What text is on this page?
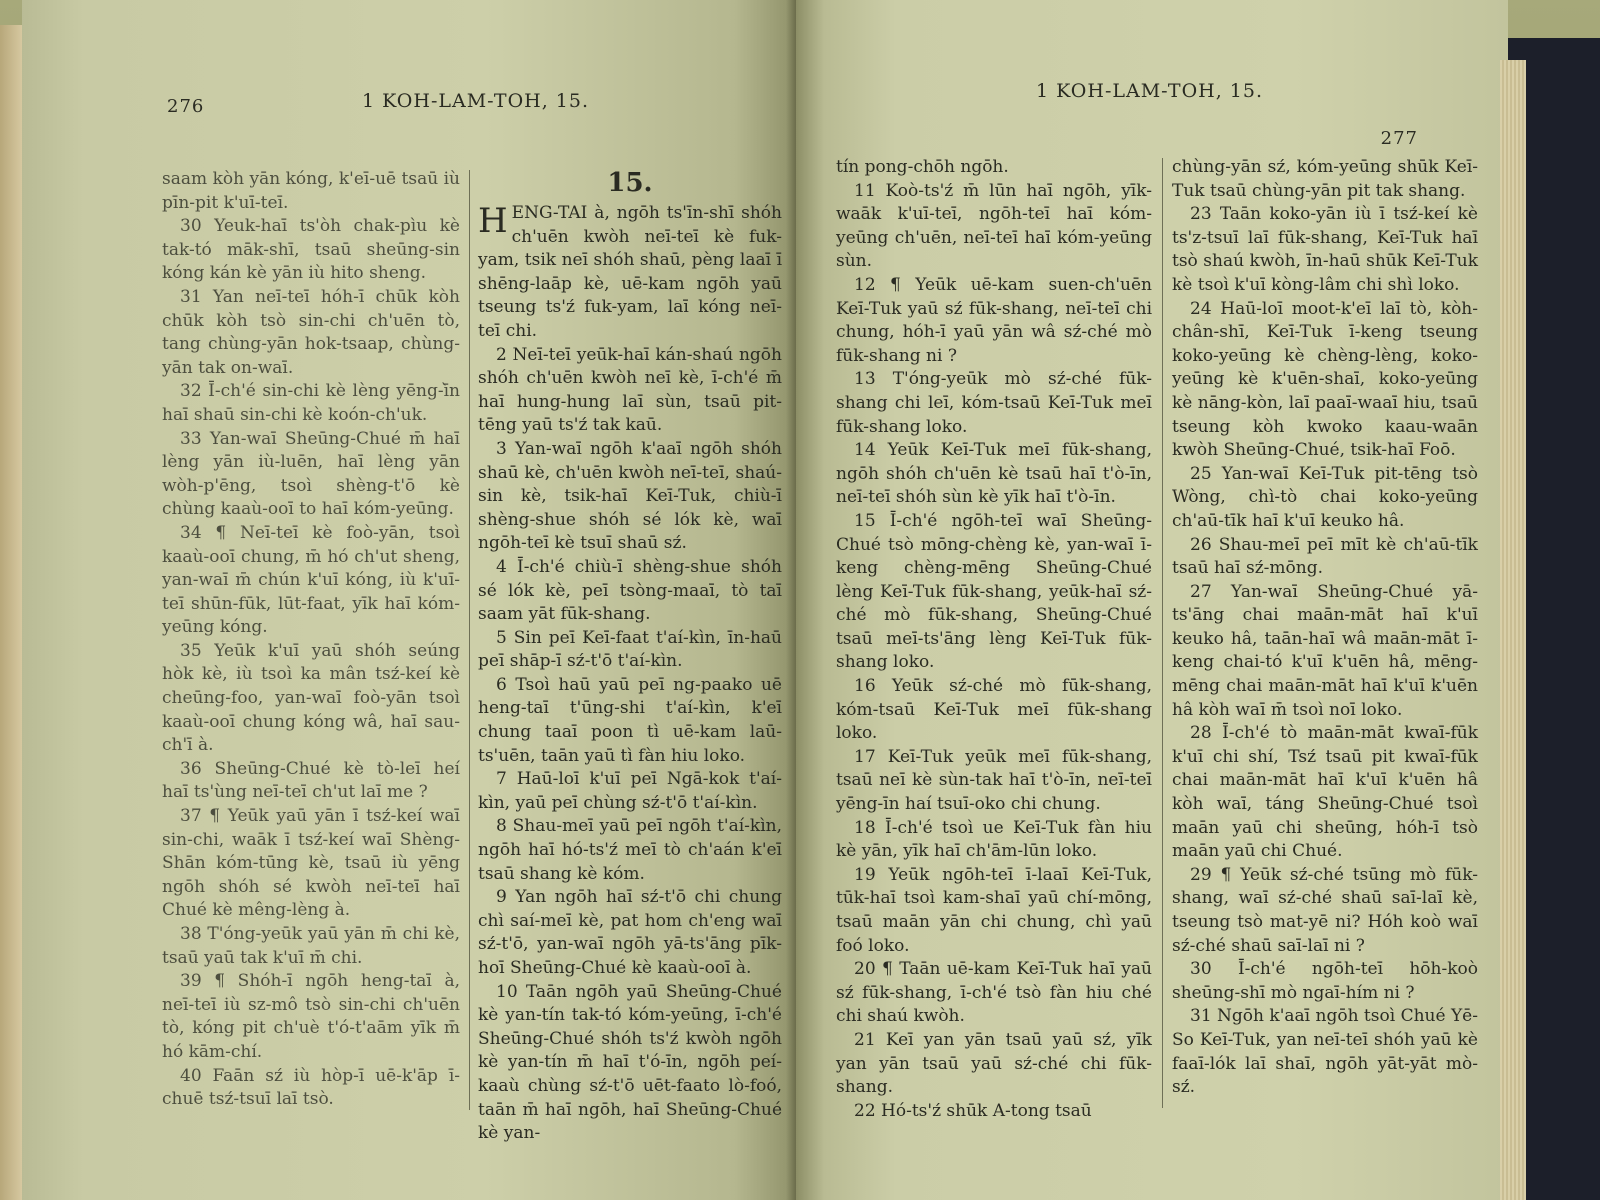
276	1 KOH-LAM-TOH, 15.

saam kòh yān kóng, k'eī-uē tsaū iù pīn-pit k'uī-teī.

30 Yeuk-haī ts'òh chak-pìu kè tak-tó māk-shī, tsaū sheūng-sin kóng kán kè yān iù hito sheng.

31 Yan neī-teī hóh-ī chūk kòh chūk kòh tsò sin-chi ch'uēn tò, tang chùng-yān hok-tsaap, chùng-yān tak on-waī.

32 Ī-ch'é sin-chi kè lèng yēng-ī̀n haī shaū sin-chi kè koón-ch'uk.

33 Yan-waī Sheūng-Chué m̄ haī lèng yān iù-luēn, haī lèng yān wòh-p'ēng, tsoì shèng-t'ō kè chùng kaaù-ooī to haī kóm-yeūng.

34 ¶ Neī-teī kè foò-yān, tsoì kaaù-ooī chung, m̄ hó ch'ut sheng, yan-waī m̄ chún k'uī kóng, iù k'uī-teī shūn-fūk, lūt-faat, yīk haī kóm-yeūng kóng.

35 Yeūk k'uī yaū shóh seúng hòk kè, iù tsoì ka mân tsź-keí kè cheūng-foo, yan-waī foò-yān tsoì kaaù-ooī chung kóng wâ, haī sau-ch'ī à.

36 Sheūng-Chué kè tò-leī heí haī ts'ùng neī-teī ch'ut laī me ?

37 ¶ Yeūk yaū yān ī tsź-keí waī sin-chi, waāk ī tsź-keí waī Shèng-Shān kóm-tūng kè, tsaū iù yēng ngōh shóh sé kwòh neī-teī haī Chué kè mêng-lèng à.

38 T'óng-yeūk yaū yān m̄ chi kè, tsaū yaū tak k'uī m̄ chi.

39 ¶ Shóh-ī ngōh heng-taī à, neī-teī iù sz-mô tsò sin-chi ch'uēn tò, kóng pit ch'uè t'ó-t'aām yīk m̄ hó kām-chí.

40 Faān sź iù hòp-ī uē-k'āp ī-chuē tsź-tsuī laī tsò.

15.
H ENG-TAI à, ngōh ts'īn-shī shóh ch'uēn kwòh neī-teī kè fuk-yam, tsik neī shóh shaū, pèng laaī ī shēng-laāp kè, uē-kam ngōh yaū tseung ts'ź fuk-yam, laī kóng neī-teī chi.

2 Neī-teī yeūk-haī kán-shaú ngōh shóh ch'uēn kwòh neī kè, ī-ch'é m̄ haī hung-hung laī sùn, tsaū pit-tēng yaū ts'ź tak kaū.

3 Yan-waī ngōh k'aaī ngōh shóh shaū kè, ch'uēn kwòh neī-teī, shaú-sin kè, tsik-haī Keī-Tuk, chiù-ī shèng-shue shóh sé lók kè, waī ngōh-teī kè tsuī shaū sź.

4 Ī-ch'é chiù-ī shèng-shue shóh sé lók kè, peī tsòng-maaī, tò taī saam yāt fūk-shang.

5 Sin peī Keī-faat t'aí-kìn, īn-haū peī shāp-ī sź-t'ō t'aí-kìn.

6 Tsoì haū yaū peī ng-paako uē heng-taī t'ūng-shi t'aí-kìn, k'eī chung taaī poon tì uē-kam laū-ts'uēn, taān yaū tì fàn hiu loko.

7 Haū-loī k'uī peī Ngā-kok t'aí-kìn, yaū peī chùng sź-t'ō t'aí-kìn.

8 Shau-meī yaū peī ngōh t'aí-kìn, ngōh haī hó-ts'ź meī tò ch'aán k'eī tsaū shang kè kóm.

9 Yan ngōh haī sź-t'ō chi chung chì saí-meī kè, pat hom ch'eng waī sź-t'ō, yan-waī ngōh yā-ts'āng pīk-hoī Sheūng-Chué kè kaaù-ooī à.

10 Taān ngōh yaū Sheūng-Chué kè yan-tín tak-tó kóm-yeūng, ī-ch'é Sheūng-Chué shóh ts'ź kwòh ngōh kè yan-tín m̄ haī t'ó-īn, ngōh peí-kaaù chùng sź-t'ō uēt-faato lò-foó, taān m̄ haī ngōh, haī Sheūng-Chué kè yan-

1 KOH-LAM-TOH, 15.
277

tín pong-chōh ngōh.

11 Koò-ts'ź m̄ lūn haī ngōh, yīk-waāk k'uī-teī, ngōh-teī haī kóm-yeūng ch'uēn, neī-teī haī kóm-yeūng sùn.

12 ¶ Yeūk uē-kam suen-ch'uēn Keī-Tuk yaū sź fūk-shang, neī-teī chi chung, hóh-ī yaū yān wâ sź-ché mò fūk-shang ni ?

13 T'óng-yeūk mò sź-ché fūk-shang chi leī, kóm-tsaū Keī-Tuk meī fūk-shang loko.

14 Yeūk Keī-Tuk meī fūk-shang, ngōh shóh ch'uēn kè tsaū haī t'ò-īn, neī-teī shóh sùn kè yīk haī t'ò-īn.

15 Ī-ch'é ngōh-teī waī Sheūng-Chué tsò mōng-chèng kè, yan-waī ī-keng chèng-mēng Sheūng-Chué lèng Keī-Tuk fūk-shang, yeūk-haī sź-ché mò fūk-shang, Sheūng-Chué tsaū meī-ts'āng lèng Keī-Tuk fūk-shang loko.

16 Yeūk sź-ché mò fūk-shang, kóm-tsaū Keī-Tuk meī fūk-shang loko.

17 Keī-Tuk yeūk meī fūk-shang, tsaū neī kè sùn-tak haī t'ò-īn, neī-teī yēng-īn haí tsuī-oko chi chung.

18 Ī-ch'é tsoì ue Keī-Tuk fàn hiu kè yān, yīk haī ch'ām-lūn loko.

19 Yeūk ngōh-teī ī-laaī Keī-Tuk, tūk-haī tsoì kam-shaī yaū chí-mōng, tsaū maān yān chi chung, chì yaū foó loko.

20 ¶ Taān uē-kam Keī-Tuk haī yaū sź fūk-shang, ī-ch'é tsò fàn hiu ché chi shaú kwòh.

21 Keī yan yān tsaū yaū sź, yīk yan yān tsaū yaū sź-ché chi fūk-shang.

22 Hó-ts'ź shūk A-tong tsaū

chùng-yān sź, kóm-yeūng shūk Keī-Tuk tsaū chùng-yān pit tak shang.

23 Taān koko-yān iù ī tsź-keí kè ts'z-tsuī laī fūk-shang, Keī-Tuk haī tsò shaú kwòh, īn-haū shūk Keī-Tuk kè tsoì k'uī kòng-lâm chi shì loko.

24 Haū-loī moot-k'eī laī tò, kòh-chân-shī, Keī-Tuk ī-keng tseung koko-yeūng kè chèng-lèng, koko-yeūng kè k'uēn-shaī, koko-yeūng kè nāng-kòn, laī paaī-waaī hiu, tsaū tseung kòh kwoko kaau-waān kwòh Sheūng-Chué, tsik-haī Foō.

25 Yan-waī Keī-Tuk pit-tēng tsò Wòng, chì-tò chai koko-yeūng ch'aū-tīk haī k'uī keuko hâ.

26 Shau-meī peī mīt kè ch'aū-tīk tsaū haī sź-mōng.

27 Yan-waī Sheūng-Chué yā-ts'āng chai maān-māt haī k'uī keuko hâ, taān-haī wâ maān-māt ī-keng chai-tó k'uī k'uēn hâ, mēng-mēng chai maān-māt haī k'uī k'uēn hâ kòh waī m̄ tsoì noī loko.

28 Ī-ch'é tò maān-māt kwaī-fūk k'uī chi shí, Tsź tsaū pit kwaī-fūk chai maān-māt haī k'uī k'uēn hâ kòh waī, táng Sheūng-Chué tsoì maān yaū chi sheūng, hóh-ī tsò maān yaū chi Chué.

29 ¶ Yeūk sź-ché tsūng mò fūk-shang, waī sź-ché shaū saī-laī kè, tseung tsò mat-yē ni? Hóh koò waī sź-ché shaū saī-laī ni ?

30 Ī-ch'é ngōh-teī hōh-koò sheūng-shī mò ngaī-hím ni ?

31 Ngōh k'aaī ngōh tsoì Chué Yē-So Keī-Tuk, yan neī-teī shóh yaū kè faaī-lók laī shaī, ngōh yāt-yāt mò-sź.
